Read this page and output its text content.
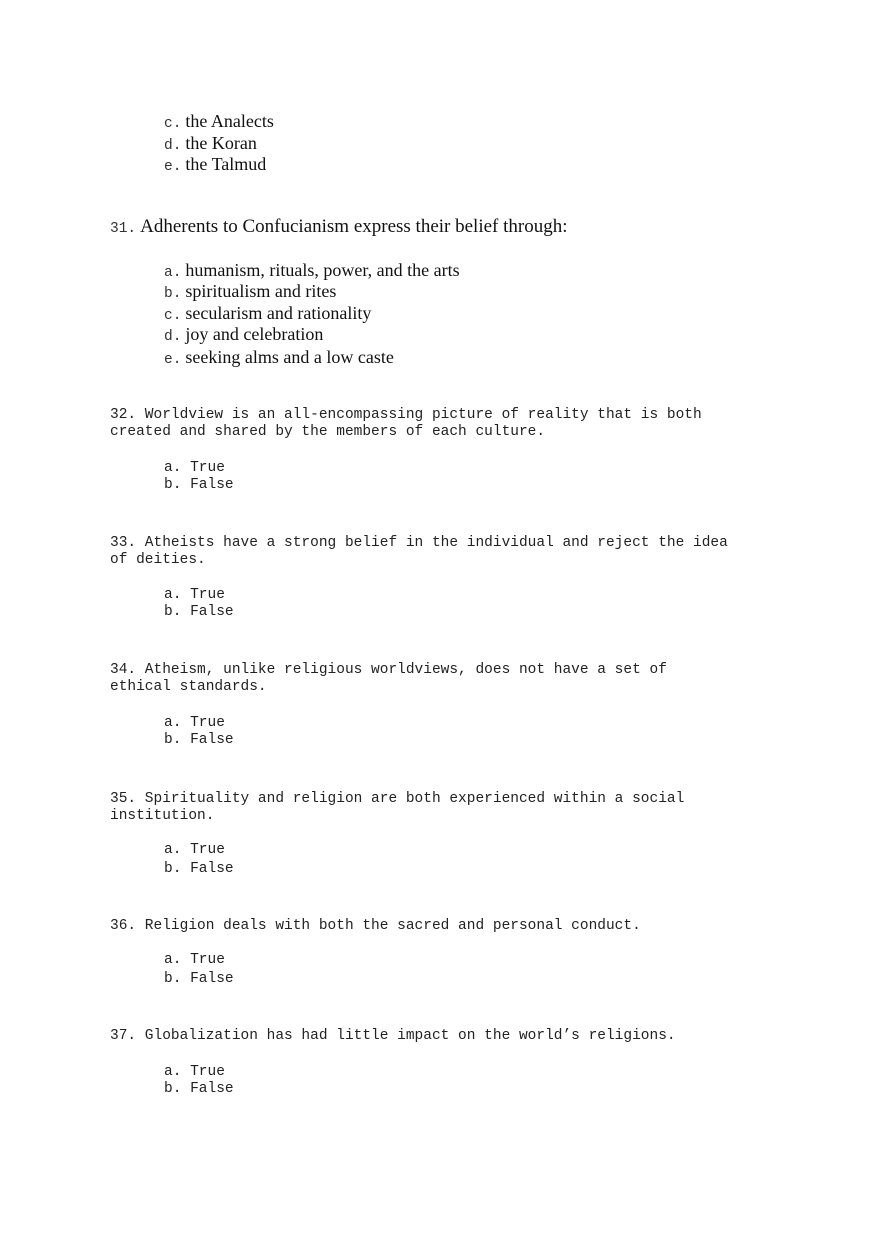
c. the Analects
d. the Koran
e. the Talmud
31. Adherents to Confucianism express their belief through:
a. humanism, rituals, power, and the arts
b. spiritualism and rites
c. secularism and rationality
d. joy and celebration
e. seeking alms and a low caste
32. Worldview is an all-encompassing picture of reality that is both
created and shared by the members of each culture.
a. True
b. False
33. Atheists have a strong belief in the individual and reject the idea
of deities.
a. True
b. False
34. Atheism, unlike religious worldviews, does not have a set of
ethical standards.
a. True
b. False
35. Spirituality and religion are both experienced within a social
institution.
a. True
b. False
36. Religion deals with both the sacred and personal conduct.
a. True
b. False
37. Globalization has had little impact on the world’s religions.
a. True
b. False
